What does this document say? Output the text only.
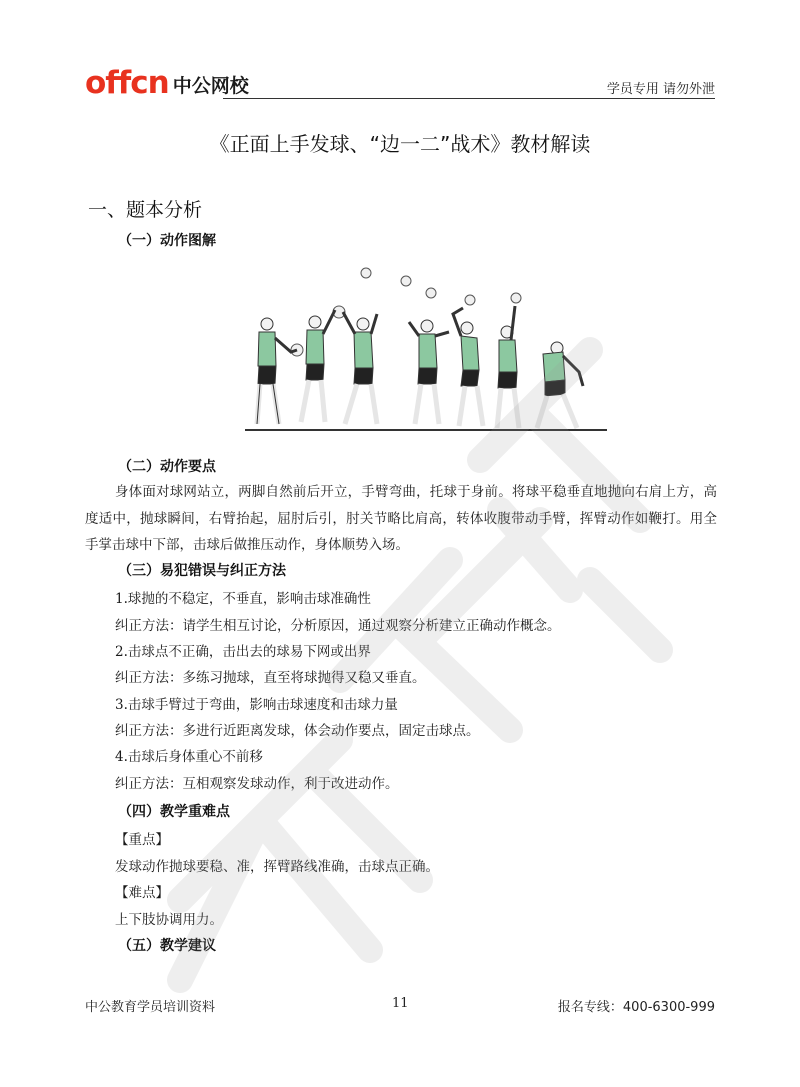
offcn 中公网校	学员专用 请勿外泄
《正面上手发球、“边一二”战术》教材解读
一、题本分析
（一）动作图解
（二）动作要点
身体面对球网站立，两脚自然前后开立，手臂弯曲，托球于身前。将球平稳垂直地抛向右肩上方，高度适中，抛球瞬间，右臂抬起，屈肘后引，肘关节略比肩高，转体收腹带动手臂，挥臂动作如鞭打。用全手掌击球中下部，击球后做推压动作，身体顺势入场。
（三）易犯错误与纠正方法
1.球抛的不稳定，不垂直，影响击球准确性
纠正方法：请学生相互讨论，分析原因，通过观察分析建立正确动作概念。
2.击球点不正确，击出去的球易下网或出界
纠正方法：多练习抛球，直至将球抛得又稳又垂直。
3.击球手臂过于弯曲，影响击球速度和击球力量
纠正方法：多进行近距离发球，体会动作要点，固定击球点。
4.击球后身体重心不前移
纠正方法：互相观察发球动作，利于改进动作。
（四）教学重难点
【重点】
发球动作抛球要稳、准，挥臂路线准确，击球点正确。
【难点】
上下肢协调用力。
（五）教学建议
中公教育学员培训资料	11	报名专线：400-6300-999
